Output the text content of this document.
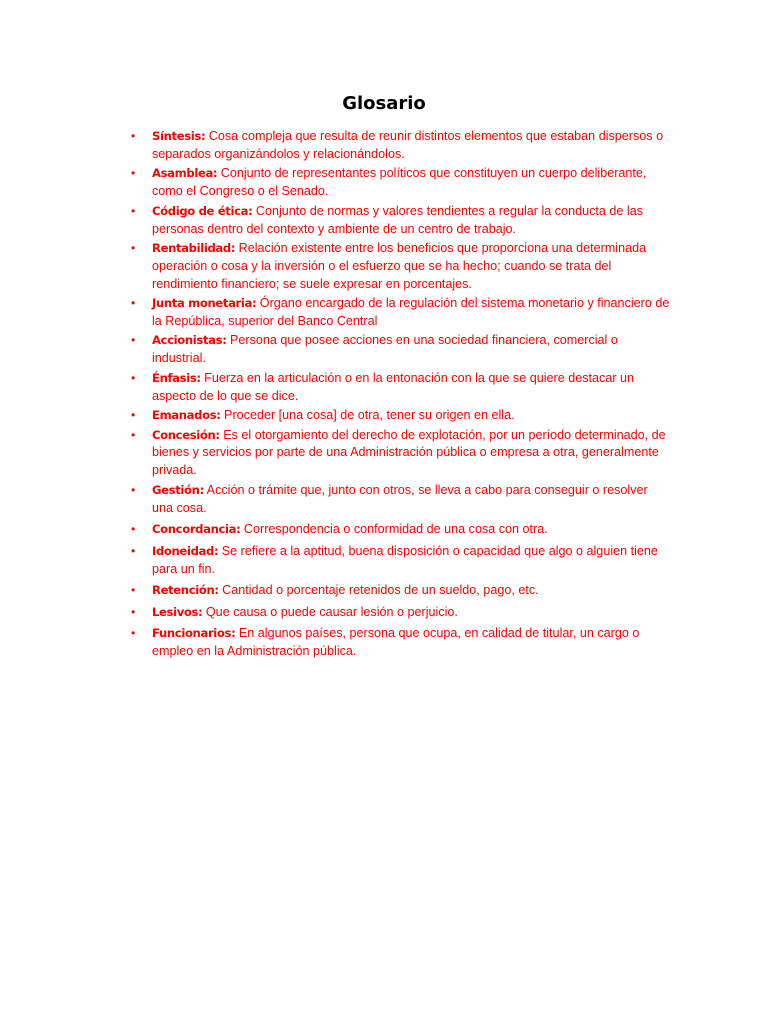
Glosario
• Síntesis: Cosa compleja que resulta de reunir distintos elementos que estaban dispersos o separados organizándolos y relacionándolos.
• Asamblea: Conjunto de representantes políticos que constituyen un cuerpo deliberante, como el Congreso o el Senado.
• Código de ética: Conjunto de normas y valores tendientes a regular la conducta de las personas dentro del contexto y ambiente de un centro de trabajo.
• Rentabilidad: Relación existente entre los beneficios que proporciona una determinada operación o cosa y la inversión o el esfuerzo que se ha hecho; cuando se trata del rendimiento financiero; se suele expresar en porcentajes.
• Junta monetaria: Órgano encargado de la regulación del sistema monetario y financiero de la República, superior del Banco Central
• Accionistas: Persona que posee acciones en una sociedad financiera, comercial o industrial.
• Énfasis: Fuerza en la articulación o en la entonación con la que se quiere destacar un aspecto de lo que se dice.
• Emanados: Proceder [una cosa] de otra, tener su origen en ella.
• Concesión: Es el otorgamiento del derecho de explotación, por un período determinado, de bienes y servicios por parte de una Administración pública o empresa a otra, generalmente privada.
• Gestión: Acción o trámite que, junto con otros, se lleva a cabo para conseguir o resolver una cosa.
• Concordancia: Correspondencia o conformidad de una cosa con otra.
• Idoneidad: Se refiere a la aptitud, buena disposición o capacidad que algo o alguien tiene para un fin.
• Retención: Cantidad o porcentaje retenidos de un sueldo, pago, etc.
• Lesivos: Que causa o puede causar lesión o perjuicio.
• Funcionarios: En algunos países, persona que ocupa, en calidad de titular, un cargo o empleo en la Administración pública.
